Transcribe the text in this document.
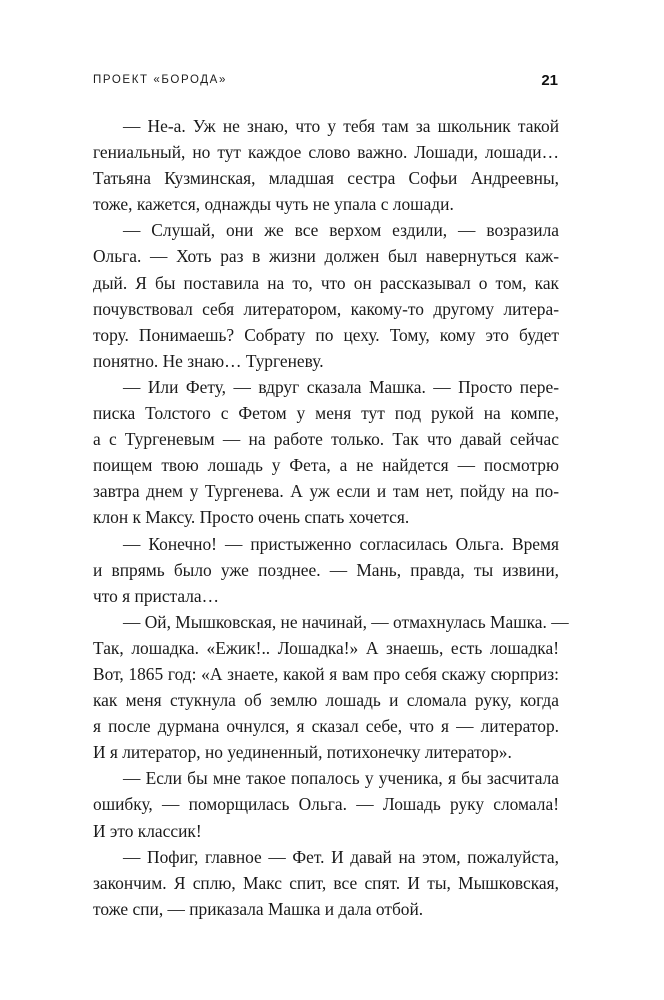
ПРОЕКТ «БОРОДА»	21
— Не-а. Уж не знаю, что у тебя там за школьник такой
гениальный, но тут каждое слово важно. Лошади, лошади…
Татьяна Кузминская, младшая сестра Софьи Андреевны,
тоже, кажется, однажды чуть не упала с лошади.
— Слушай, они же все верхом ездили, — возразила
Ольга. — Хоть раз в жизни должен был навернуться каж-
дый. Я бы поставила на то, что он рассказывал о том, как
почувствовал себя литератором, какому-то другому литера-
тору. Понимаешь? Собрату по цеху. Тому, кому это будет
понятно. Не знаю… Тургеневу.
— Или Фету, — вдруг сказала Машка. — Просто пере-
писка Толстого с Фетом у меня тут под рукой на компе,
а с Тургеневым — на работе только. Так что давай сейчас
поищем твою лошадь у Фета, а не найдется — посмотрю
завтра днем у Тургенева. А уж если и там нет, пойду на по-
клон к Максу. Просто очень спать хочется.
— Конечно! — пристыженно согласилась Ольга. Время
и впрямь было уже позднее. — Мань, правда, ты извини,
что я пристала…
— Ой, Мышковская, не начинай, — отмахнулась Машка. —
Так, лошадка. «Ежик!.. Лошадка!» А знаешь, есть лошадка!
Вот, 1865 год: «А знаете, какой я вам про себя скажу сюрприз:
как меня стукнула об землю лошадь и сломала руку, когда
я после дурмана очнулся, я сказал себе, что я — литератор.
И я литератор, но уединенный, потихонечку литератор».
— Если бы мне такое попалось у ученика, я бы засчитала
ошибку, — поморщилась Ольга. — Лошадь руку сломала!
И это классик!
— Пофиг, главное — Фет. И давай на этом, пожалуйста,
закончим. Я сплю, Макс спит, все спят. И ты, Мышковская,
тоже спи, — приказала Машка и дала отбой.
